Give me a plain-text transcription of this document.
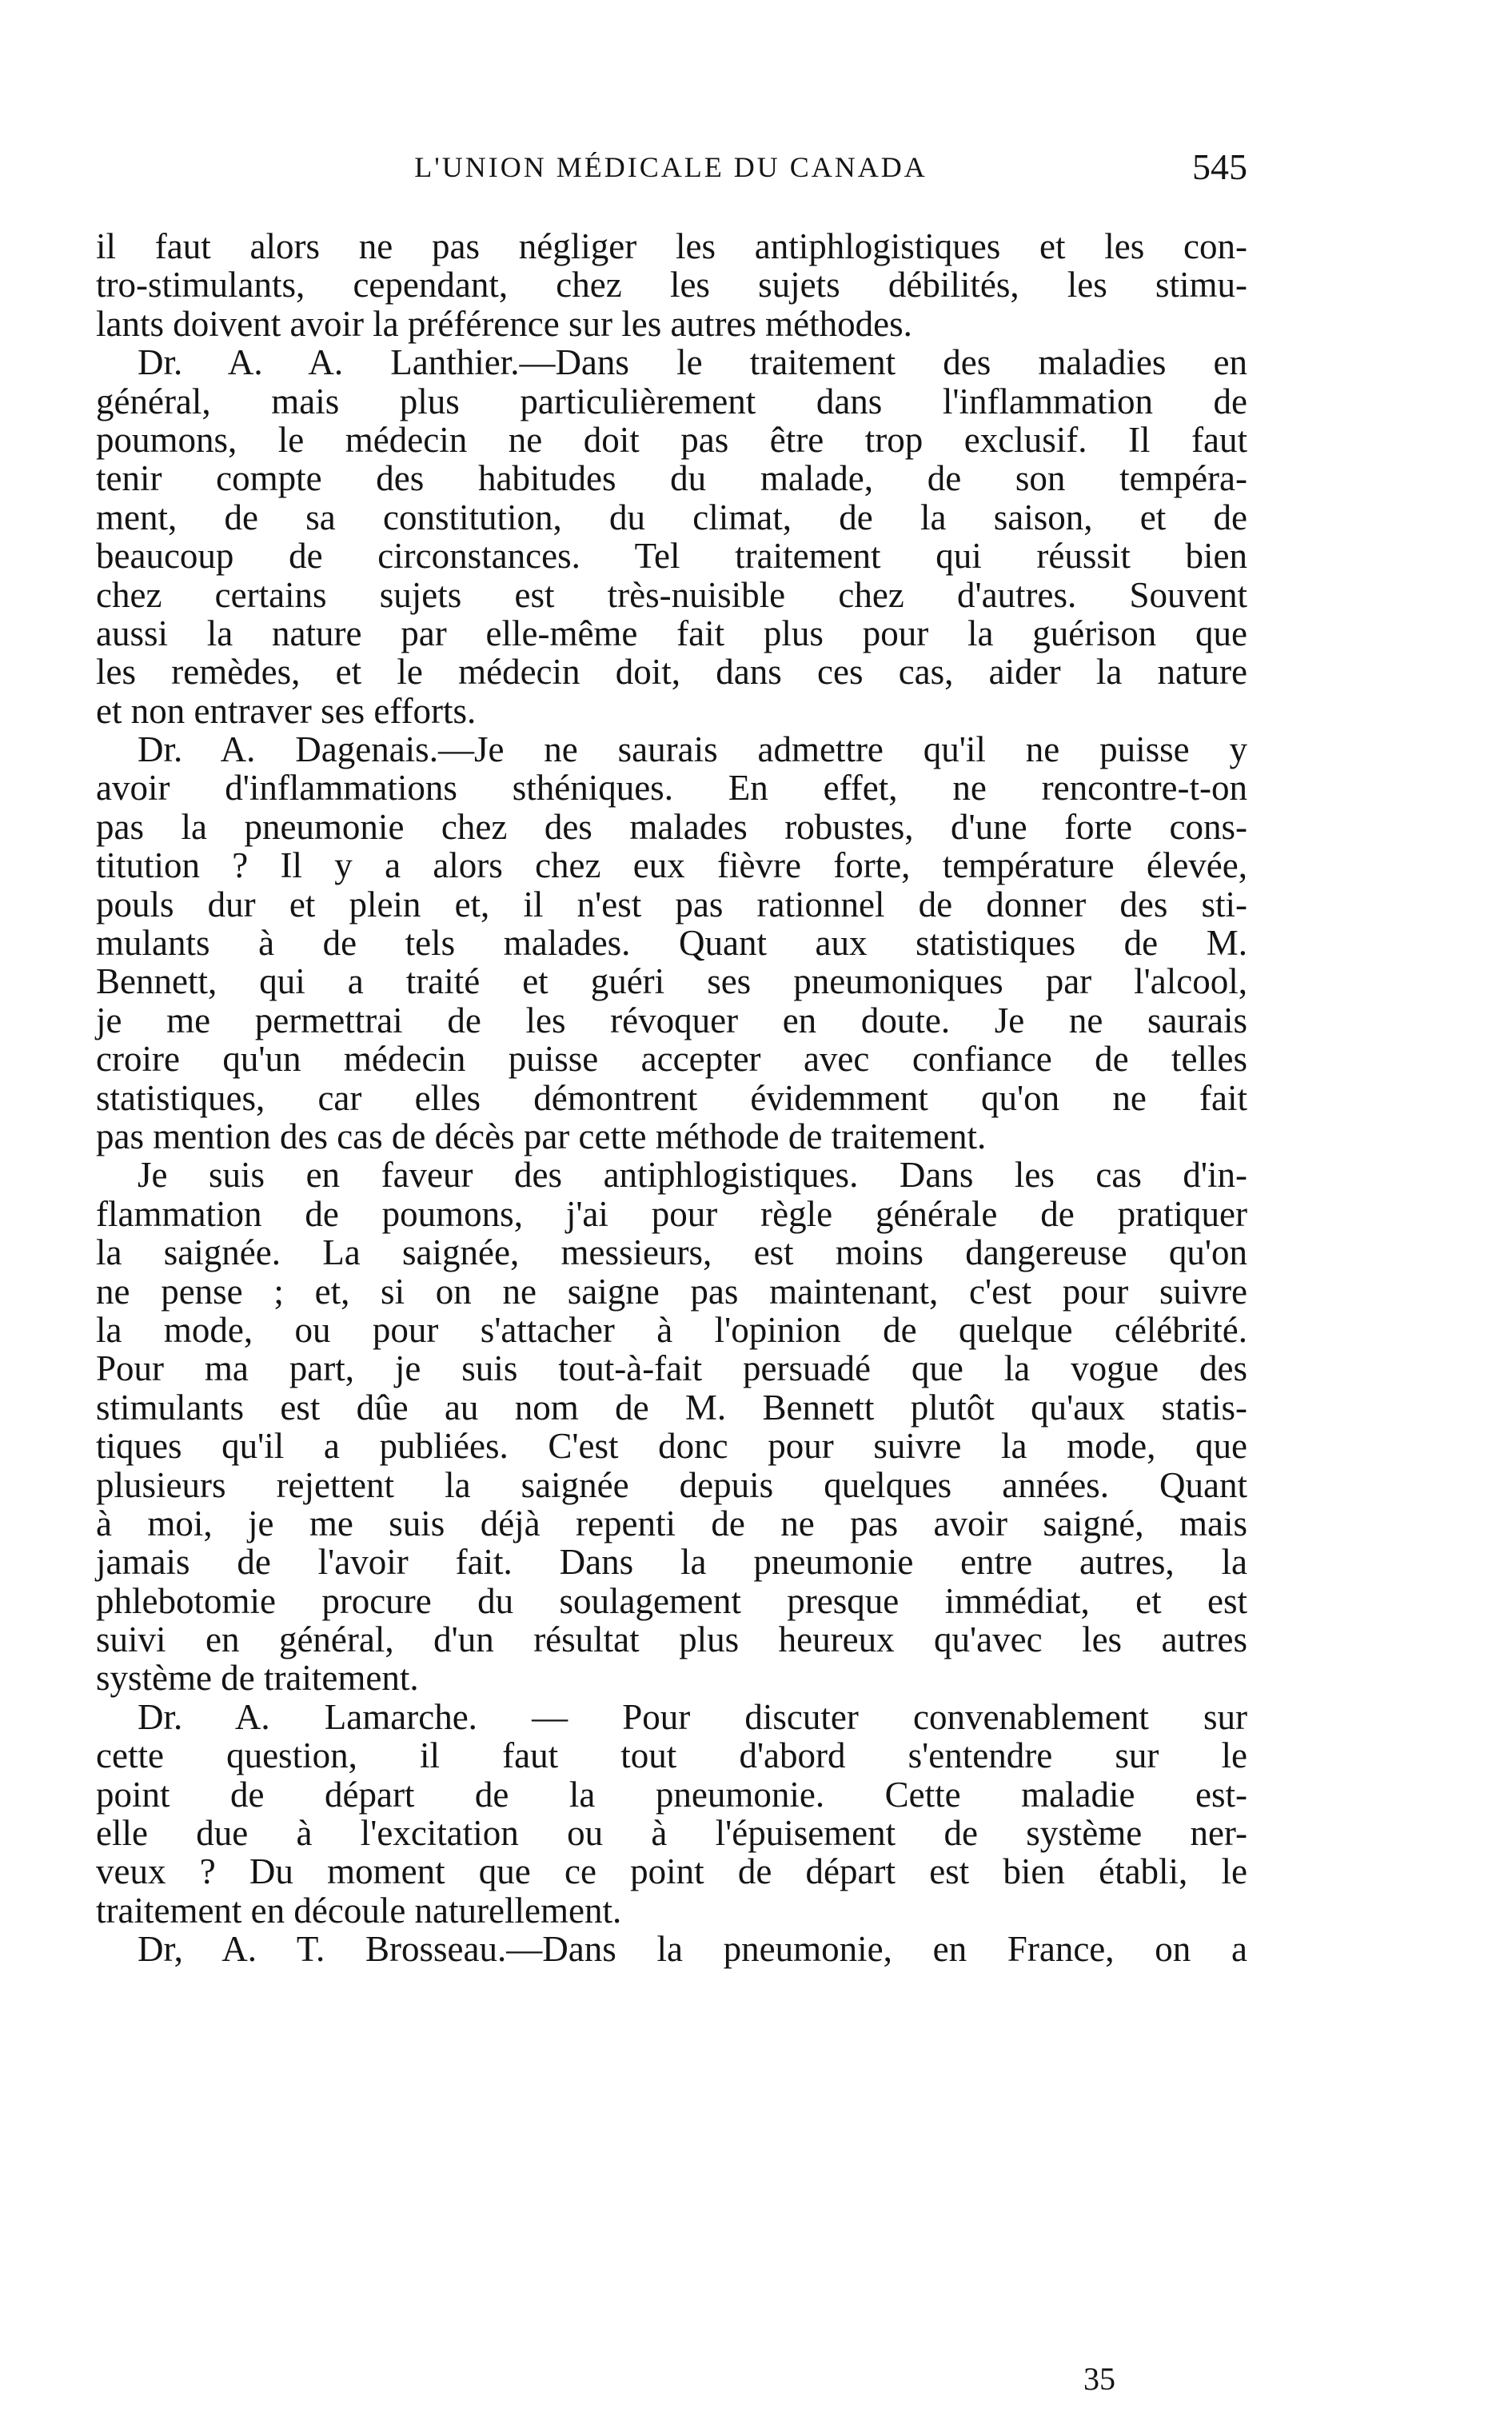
L'UNION MÉDICALE DU CANADA	545
il faut alors ne pas négliger les antiphlogistiques et les con-
tro-stimulants, cependant, chez les sujets débilités, les stimu-
lants doivent avoir la préférence sur les autres méthodes.
Dr. A. A. Lanthier.—Dans le traitement des maladies en
général, mais plus particulièrement dans l'inflammation de
poumons, le médecin ne doit pas être trop exclusif. Il faut
tenir compte des habitudes du malade, de son tempéra-
ment, de sa constitution, du climat, de la saison, et de
beaucoup de circonstances. Tel traitement qui réussit bien
chez certains sujets est très-nuisible chez d'autres. Souvent
aussi la nature par elle-même fait plus pour la guérison que
les remèdes, et le médecin doit, dans ces cas, aider la nature
et non entraver ses efforts.
Dr. A. Dagenais.—Je ne saurais admettre qu'il ne puisse y
avoir d'inflammations sthéniques. En effet, ne rencontre-t-on
pas la pneumonie chez des malades robustes, d'une forte cons-
titution ? Il y a alors chez eux fièvre forte, température élevée,
pouls dur et plein et, il n'est pas rationnel de donner des sti-
mulants à de tels malades. Quant aux statistiques de M.
Bennett, qui a traité et guéri ses pneumoniques par l'alcool,
je me permettrai de les révoquer en doute. Je ne saurais
croire qu'un médecin puisse accepter avec confiance de telles
statistiques, car elles démontrent évidemment qu'on ne fait
pas mention des cas de décès par cette méthode de traitement.
Je suis en faveur des antiphlogistiques. Dans les cas d'in-
flammation de poumons, j'ai pour règle générale de pratiquer
la saignée. La saignée, messieurs, est moins dangereuse qu'on
ne pense ; et, si on ne saigne pas maintenant, c'est pour suivre
la mode, ou pour s'attacher à l'opinion de quelque célébrité.
Pour ma part, je suis tout-à-fait persuadé que la vogue des
stimulants est dûe au nom de M. Bennett plutôt qu'aux statis-
tiques qu'il a publiées. C'est donc pour suivre la mode, que
plusieurs rejettent la saignée depuis quelques années. Quant
à moi, je me suis déjà repenti de ne pas avoir saigné, mais
jamais de l'avoir fait. Dans la pneumonie entre autres, la
phlebotomie procure du soulagement presque immédiat, et est
suivi en général, d'un résultat plus heureux qu'avec les autres
système de traitement.
Dr. A. Lamarche. — Pour discuter convenablement sur
cette question, il faut tout d'abord s'entendre sur le
point de départ de la pneumonie. Cette maladie est-
elle due à l'excitation ou à l'épuisement de système ner-
veux ? Du moment que ce point de départ est bien établi, le
traitement en découle naturellement.
Dr, A. T. Brosseau.—Dans la pneumonie, en France, on a
35
